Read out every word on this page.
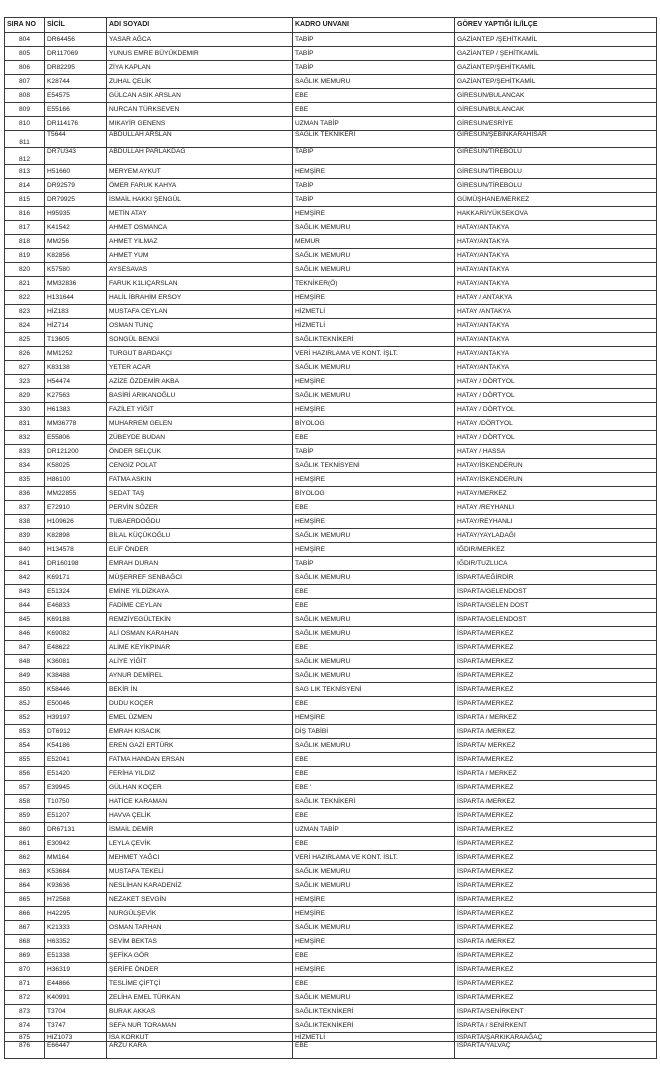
SIRA NO	SİCİL	ADI SOYADI	KADRO UNVANI	GÖREV YAPTIĞI İL/İLÇE
804	DR64456	YASAR AĞCA	TABİP	GAZİANTEP /ŞEHİTKAMİL
805	DR117069	YUNUS EMRE BÜYÜKDEMIR	TABİP	GAZİANTEP / ŞEHİTKAMİL
806	DR82295	ZİYA KAPLAN	TABİP	GAZİANTEP/ŞEHİTKAMİL
807	K28744	ZUHAL ÇELİK	SAĞLIK MEMURU	GAZİANTEP/ŞEHİTKAMİL
808	E54575	GÜLCAN ASIK ARSLAN	EBE	GİRESUN/BULANCAK
809	E55166	NURCAN TÜRKSEVEN	EBE	GİRESUN/BULANCAK
810	DR114176	MIKAYİR GENENS	UZMAN TABİP	GİRESUN/ESRİYE
811	T5644	ABDULLAH ARSLAN	SAGLIK TEKNIKERI	GIRESUN/ŞEBINKARAHISAR
812	DR7U343	ABDULLAH PARLAKDAG	TABIP	GIRESUN/TIREBOLU
813	H51660	MERYEM AYKUT	HEMŞİRE	GİRESUN/TİREBOLU
814	DR92579	ÖMER FARUK KAHYA	TABİP	GİRESUN/TİREBOLU
815	DR79925	İSMAİL HAKKI ŞENGÜL	TABİP	GÜMÜŞHANE/MERKEZ
816	H95935	METİN ATAY	HEMŞİRE	HAKKARİ/YÜKSEKOVA
817	K41542	AHMET OSMANCA	SAĞLIK MEMURU	HATAY/ANTAKYA
818	MM256	AHMET YILMAZ	MEMUR	HATAY/ANTAKYA
819	K82856	AHMET YUM	SAĞLIK MEMURU	HATAY/ANTAKYA
820	K57580	AYSESAVAS	SAĞLIK MEMURU	HATAY/ANTAKYA
821	MM32836	FARUK K1LIÇARSLAN	TEKNİKER(Ö)	HATAY/ANTAKYA
822	H131644	HALİL İBRAHİM ERSOY	HEMŞİRE	HATAY / ANTAKYA
823	HİZ183	MUSTAFA CEYLAN	HİZMETLİ	HATAY /ANTAKYA
824	HİZ714	OSMAN TUNÇ	HİZMETLİ	HATAY/ANTAKYA
825	T13605	SONGÜL BENGİ	SAĞLIKTEKNİKERİ	HATAY/ANTAKYA
826	MM1252	TURGUT BARDAKÇI	VERİ HAZIRLAMA VE KONT. İŞLT.	HATAY/ANTAKYA
827	K83138	YETER ACAR	SAĞLIK MEMURU	HATAY/ANTAKYA
323	H54474	AZİZE ÖZDEMİR AKBA	HEMŞİRE	HATAY / DÖRTYOL
829	K27563	BASİRİ ARIKANOĞLU	SAĞLIK MEMURU	HATAY / DÖRTYOL
330	H61383	FAZİLET YİĞİT	HEMŞİRE	HATAY / DÖRTYOL
831	MM36778	MUHARREM GELEN	BİYOLOG	HATAY /DÖRTYOL
832	E55806	ZÜBEYDE BUDAN	EBE	HATAY / DÖRTYOL
833	DR121200	ÖNDER SELÇUK	TABİP	HATAY / HASSA
834	K58025	CENGİZ POLAT	SAĞLIK TEKNİSYENİ	HATAY/İSKENDERUN
835	H86100	FATMA ASKIN	HEMŞİRE	HATAY/İSKENDERUN
836	MM22855	SEDAT TAŞ	BİYOLOG	HATAY/MERKEZ
837	E72910	PERVİN SÖZER	EBE	HATAY /REYHANLI
838	H109626	TUBAERDOĞDU	HEMŞİRE	HATAY/REYHANLI
839	K82898	BİLAL KÜÇÜKOĞLU	SAĞLIK MEMURU	HATAY/YAYLADAĞI
840	H134578	ELİF ÖNDER	HEMŞİRE	IĞDIR/MERKEZ
841	DR160198	EMRAH DURAN	TABİP	IĞDIR/TUZLUCA
842	K69171	MÜŞERREF SENBAĞCI	SAĞLIK MEMURU	İSPARTA/EĞİRDİR
843	E51324	EMİNE YİLDİZKAYA	EBE	İSPARTA/GELENDOST
844	E46833	FADİME CEYLAN	EBE	İSPARTA/GELEN DOST
845	K69188	REMZİYEGÜLTEKİN	SAĞLIK MEMURU	İSPARTA/GELENDOST
846	K69082	ALİ OSMAN KARAHAN	SAĞLIK MEMURU	İSPARTA/MERKEZ
847	E48622	ALİME KEYİKPINAR	EBE	İSPARTA/MERKEZ
848	K36081	ALİYE YİĞİT	SAĞLIK MEMURU	İSPARTA/MERKEZ
849	K38488	AYNUR DEMİREL	SAĞLIK MEMURU	İSPARTA/MERKEZ
850	K58446	BEKİR İN	SAG LIK TEKNİSYENİ	İSPARTA/MERKEZ
85J	E50046	DUDU KOÇER	EBE	İSPARTA/MERKEZ
852	H39197	EMEL ÜZMEN	HEMŞİRE	İSPARTA / MERKEZ
853	DT6912	EMRAH KISACIK	DİŞ TABİBİ	İSPARTA /MERKEZ
854	K54186	EREN GAZİ ERTÜRK	SAĞLIK MEMURU	İSPARTA/ MERKEZ
855	E52041	FATMA HANDAN ERSAN	EBE	İSPARTA/MERKEZ
856	E51420	FERİHA YILDIZ	EBE	İSPARTA / MERKEZ
857	E39945	GÜLHAN KOÇER	EBE '	İSPARTA/MERKEZ
858	T10750	HATİCE KARAMAN	SAĞLIK TEKNİKERİ	İSPARTA /MERKEZ
859	E51207	HAVVA ÇELİK	EBE	İSPARTA/MERKEZ
860	DR67131	İSMAİL DEMİR	UZMAN TABİP	İSPARTA/MERKEZ
861	E30942	LEYLA ÇEVİK	EBE	İSPARTA/MERKEZ
862	MM164	MEHMET YAĞCI	VERİ HAZIRLAMA VE KONT. İSLT.	İSPARTA/MERKEZ
863	K53684	MUSTAFA TEKELİ	SAĞLIK MEMURU	İSPARTA/MERKEZ
864	K93636	NESLİHAN KARADENİZ	SAĞLIK MEMURU	İSPARTA/MERKEZ
865	H72568	NEZAKET SEVGİN	HEMŞİRE	İSPARTA/MERKEZ
866	H42295	NURGÜLŞEVİK	HEMŞİRE	İSPARTA/MERKEZ
867	K21333	OSMAN TARHAN	SAĞLIK MEMURU	İSPARTA/MERKEZ
868	H63352	SEVİM BEKTAS	HEMŞİRE	İSPARTA /MERKEZ
869	E51338	ŞEFİKA GÖR	EBE	İSPARTA/MERKEZ
870	H36319	ŞERİFE ÖNDER	HEMŞİRE	İSPARTA/MERKEZ
871	E44866	TESLİME ÇİFTÇİ	EBE	İSPARTA/MERKEZ
872	K40991	ZELİHA EMEL TÜRKAN	SAĞLIK MEMURU	İSPARTA/MERKEZ
873	T3704	BURAK AKKAS	SAĞLIKTEKNİKERİ	İSPARTA/SENİRKENT
874	T3747	SEFA NUR TORAMAN	SAĞLIKTEKNİKERİ	İSPARTA / SENİRKENT
875	HIZ1073	İSA KORKUT	HİZMETLİ	ISPARTA/ŞARKIKARAAĞAÇ
876	E66447	ARZU KARA	EBE	İSPARTA/YALVAÇ
